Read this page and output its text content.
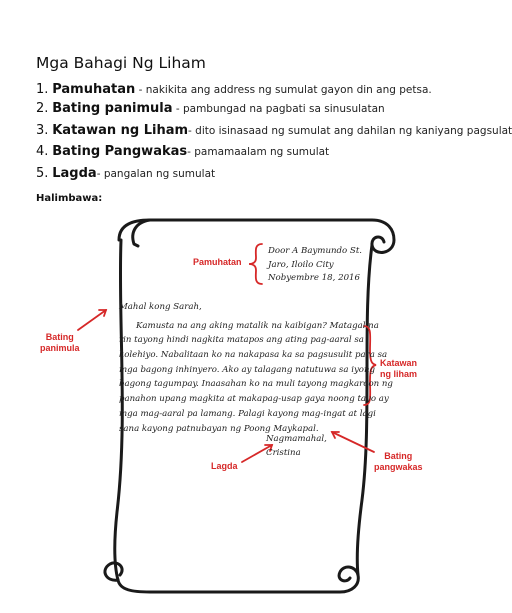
Mga Bahagi Ng Liham
1. Pamuhatan - nakikita ang address ng sumulat gayon din ang petsa.
2. Bating panimula - pambungad na pagbati sa sinusulatan
3. Katawan ng Liham- dito isinasaad ng sumulat ang dahilan ng kaniyang pagsulat
4. Bating Pangwakas- pamamaalam ng sumulat
5. Lagda- pangalan ng sumulat
Halimbawa:
Door A Baymundo St.
Jaro, Iloilo City
Nobyembre 18, 2016
Mahal kong Sarah,
Kamusta na ang aking matalik na kaibigan? Matagal na
rin tayong hindi nagkita matapos ang ating pag-aaral sa
kolehiyo. Nabalitaan ko na nakapasa ka sa pagsusulit para sa
mga bagong inhinyero. Ako ay talagang natutuwa sa iyong
bagong tagumpay. Inaasahan ko na muli tayong magkaroon ng
panahon upang magkita at makapag-usap gaya noong tayo ay
mga mag-aaral pa lamang. Palagi kayong mag-ingat at lagi
sana kayong patnubayan ng Poong Maykapal.
Nagmamahal,
Cristina
Pamuhatan
Bating
panimula
Katawan
ng liham
Lagda
Bating
pangwakas
